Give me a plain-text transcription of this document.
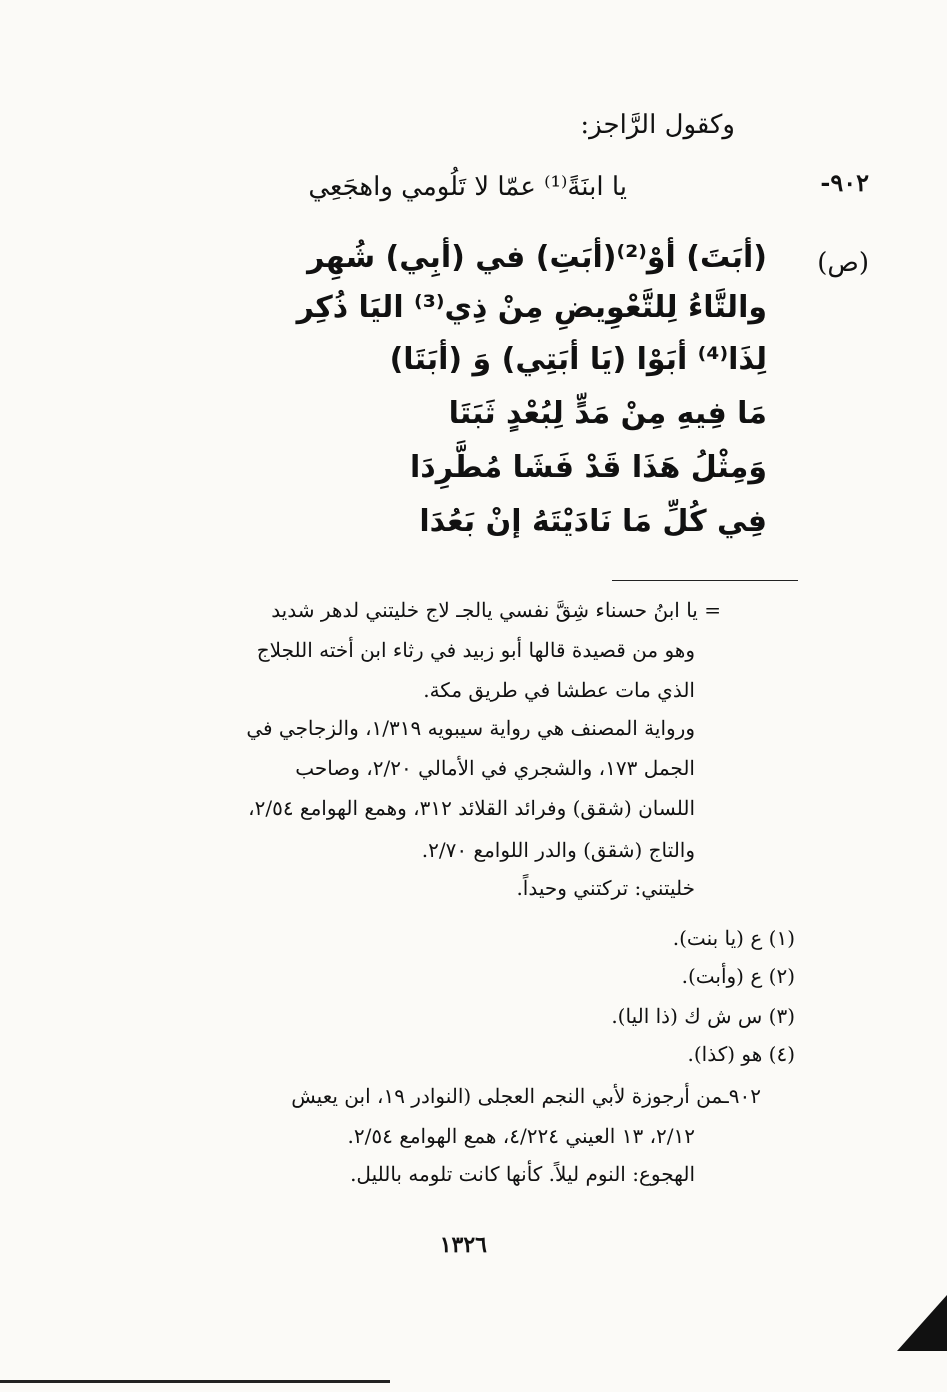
وكقول الرَّاجز:
-٩٠٢
يا ابنَةً⁽¹⁾ عمّا لا تَلُومي واهجَعِي
(ص)
(أبَتَ) أوْ⁽²⁾(أبَتِ) في (أبِي) شُهِر
والتَّاءُ لِلتَّعْوِيضِ مِنْ ذِي⁽³⁾ اليَا ذُكِر
لِذَا⁽⁴⁾ أبَوْا (يَا أبَتِي) وَ (أبَتَا)
مَا فِيهِ مِنْ مَدٍّ لِبُعْدٍ ثَبَتَا
وَمِثْلُ هَذَا قَدْ فَشَا مُطَّرِدَا
فِي كُلِّ مَا نَادَيْتَهُ إنْ بَعُدَا
= يا ابنُ حسناء شِقَّ نفسي يالجـ لاج خليتني لدهر شديد
وهو من قصيدة قالها أبو زبيد في رثاء ابن أخته اللجلاج
الذي مات عطشا في طريق مكة.
ورواية المصنف هي رواية سيبويه ١/٣١٩، والزجاجي في
الجمل ١٧٣، والشجري في الأمالي ٢/٢٠، وصاحب
اللسان (شقق) وفرائد القلائد ٣١٢، وهمع الهوامع ٢/٥٤،
والتاج (شقق) والدر اللوامع ٢/٧٠.
خليتني: تركتني وحيداً.
(١) ع (يا بنت).
(٢) ع (وأبت).
(٣) س ش ك (ذا اليا).
(٤) هو (كذا).
٩٠٢ـمن أرجوزة لأبي النجم العجلى (النوادر ١٩، ابن يعيش
٢/١٢، ١٣ العيني ٤/٢٢٤، همع الهوامع ٢/٥٤.
الهجوع: النوم ليلاً. كأنها كانت تلومه بالليل.
١٣٢٦
